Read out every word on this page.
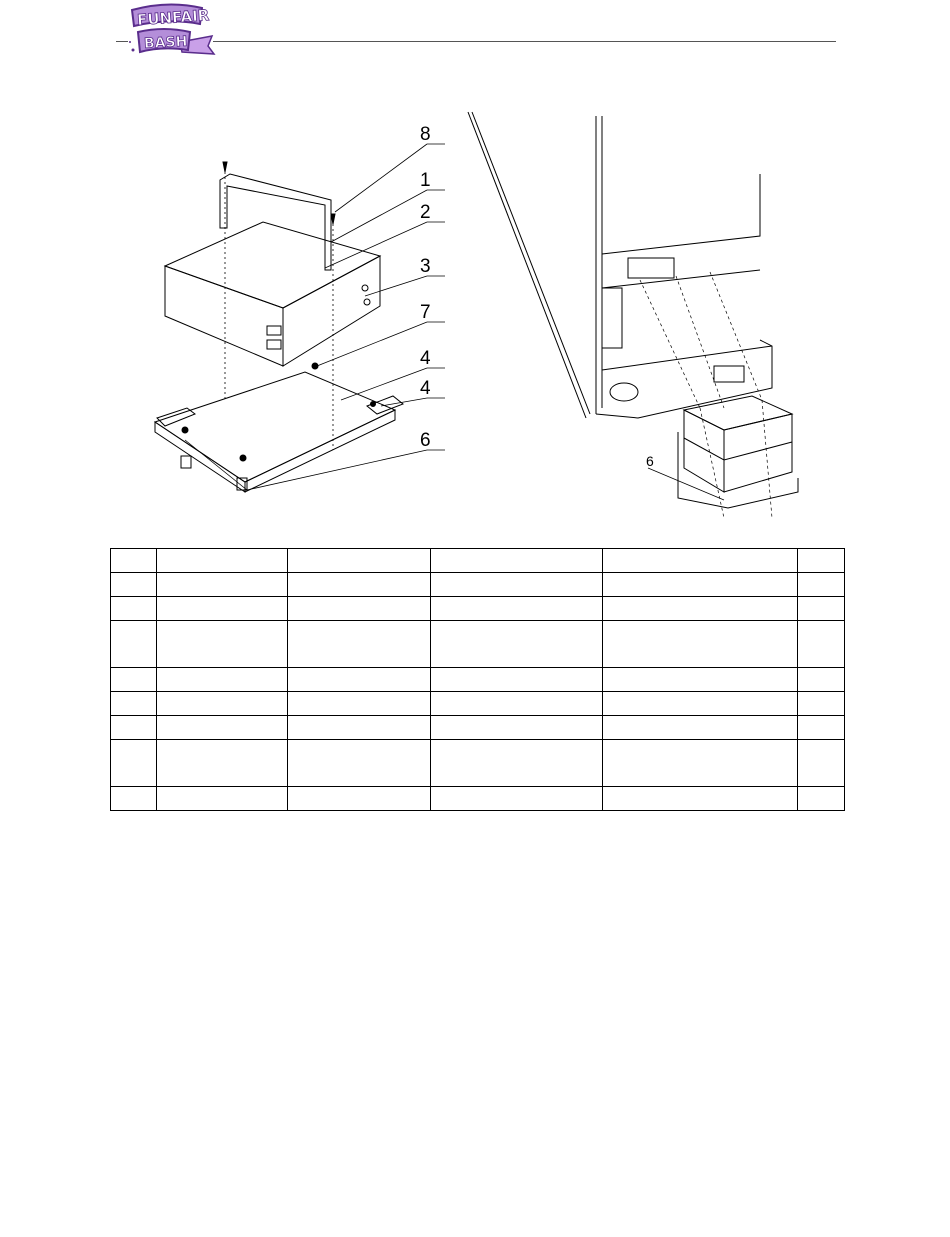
FUNFAIR
BASH
8
1
2
3
7
4
4
6
6
